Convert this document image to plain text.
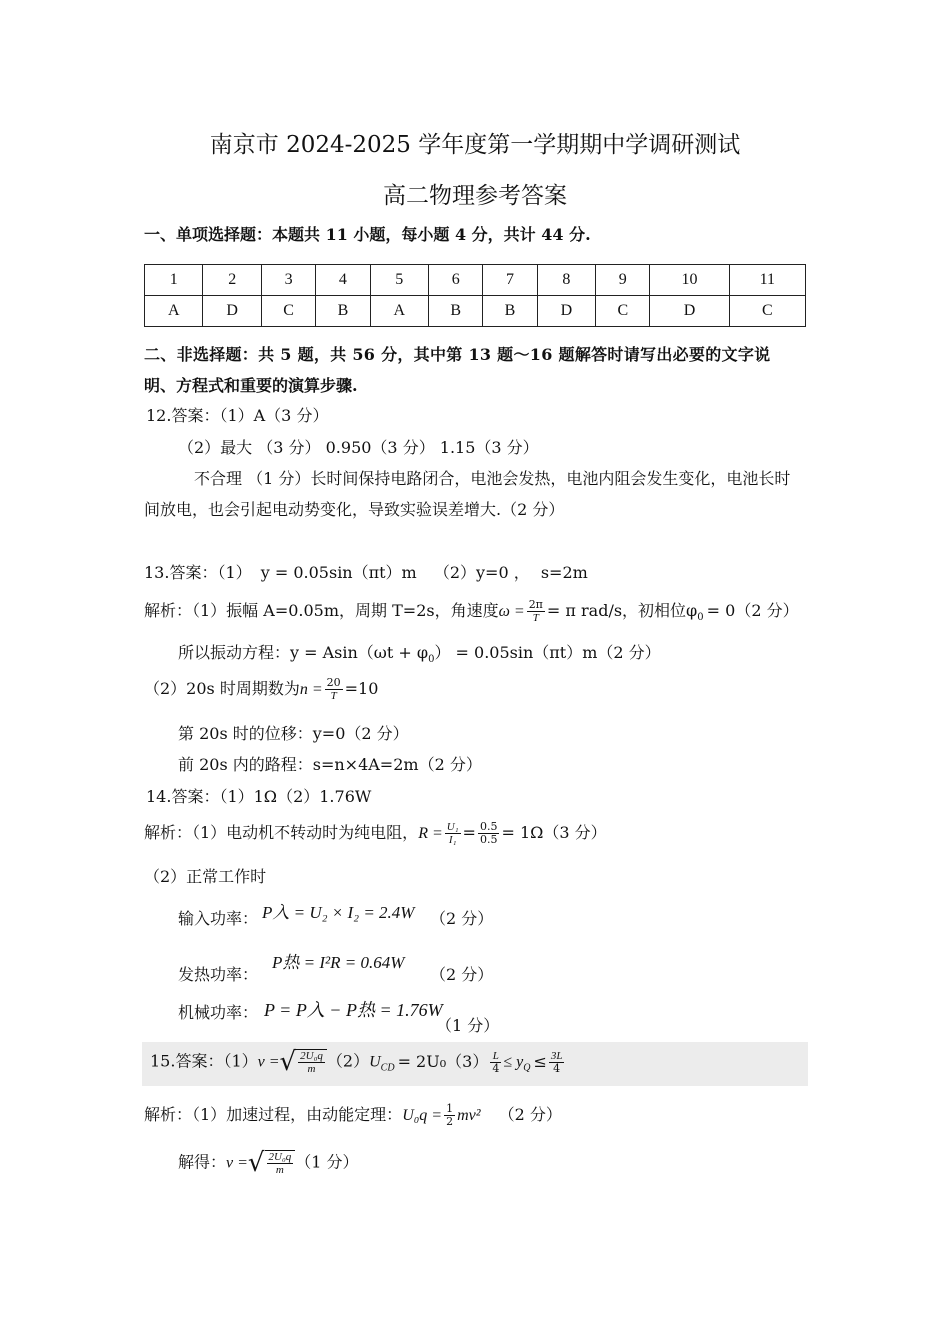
南京市 2024-2025 学年度第一学期期中学调研测试
高二物理参考答案
一、单项选择题：本题共 11 小题，每小题 4 分，共计 44 分.
1	2	3	4	5	6	7	8	9	10	11
A	D	C	B	A	B	B	D	C	D	C
二、非选择题：共 5 题，共 56 分，其中第 13 题～16 题解答时请写出必要的文字说
明、方程式和重要的演算步骤.
12.答案：（1）A（3 分）
（2）最大 （3 分） 0.950（3 分） 1.15（3 分）
不合理 （1 分）长时间保持电路闭合，电池会发热，电池内阻会发生变化，电池长时
间放电，也会引起电动势变化，导致实验误差增大.（2 分）
13.答案：（1） y = 0.05sin（πt）m （2）y=0 ， s=2m
解析：（1）振幅 A=0.05m，周期 T=2s，角速度$\omega = \frac{2\pi}{T} = \pi$ rad/s，初相位$\varphi_0 = 0(2$ 分）
所以振动方程：$y = Asin(\omega t + \varphi_0) = 0.05\sin(\pi t)m(2$ 分）
（2）20s 时周期数为$n = \frac{20}{T} =10$
第 20s 时的位移：y=0（2 分）
前 20s 内的路程：s=n×4A=2m（2 分）
14.答案：（1）1Ω（2）1.76W
解析：（1）电动机不转动时为纯电阻，$R = \frac{\text{U₁}}{\text{I₁}} = \frac{0.5}{0.5} = 1\Omega(3$ 分）
（2）正常工作时
输入功率： P入 = U₂ × I₂ = 2.4W （2 分）
发热功率：
P热 = I²R = 0.64W
（2 分）
机械功率： P = P入 − P热 = 1.76W
（1 分）
15.答案：（1）v =√ $\frac{\text{2U₀q}}{m} (2)U_{CD} = 2U_0(3) \frac{L}{4} \le y_Q \le \frac{3L}{4}$
解析：（1）加速过程，由动能定理：$U_0q = \frac{1}{2} mv^2$ （2 分）
解得：v =√ $\frac{\text{2U₀q}}{m} (1$ 分）
